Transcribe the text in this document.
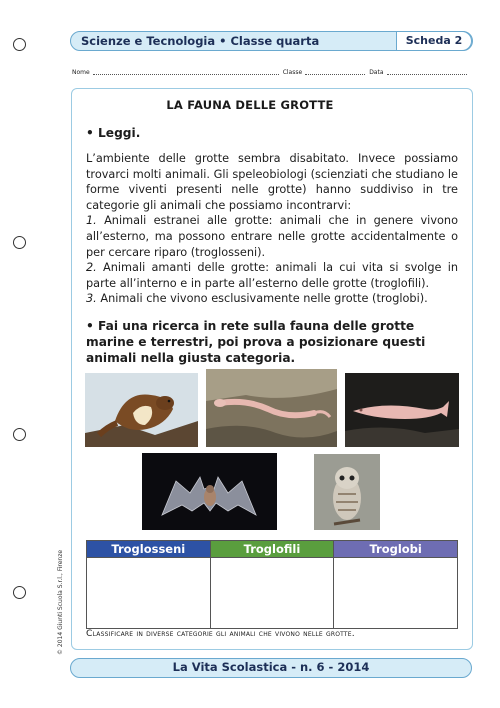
Scienze e Tecnologia • Classe quarta	Scheda 2
Nome	Classe	Data
LA FAUNA DELLE GROTTE
• Leggi.

L’ambiente delle grotte sembra disabitato. Invece possiamo trovarci molti animali. Gli speleobiologi (scienziati che studiano le forme viventi presenti nelle grotte) hanno suddiviso in tre categorie gli animali che possiamo incontrarvi:

1. Animali estranei alle grotte: animali che in genere vivono all’esterno, ma possono entrare nelle grotte accidentalmente o per cercare riparo (troglosseni).

2. Animali amanti delle grotte: animali la cui vita si svolge in parte all’interno e in parte all’esterno delle grotte (troglofili).

3. Animali che vivono esclusivamente nelle grotte (troglobi).

• Fai una ricerca in rete sulla fauna delle grotte marine e terrestri, poi prova a posizionare questi animali nella giusta categoria.
Troglosseni	Troglofili	Troglobi

Classificare in diverse categorie gli animali che vivono nelle grotte.
La Vita Scolastica - n. 6 - 2014
© 2014 Giunti Scuola S.r.l., Firenze
